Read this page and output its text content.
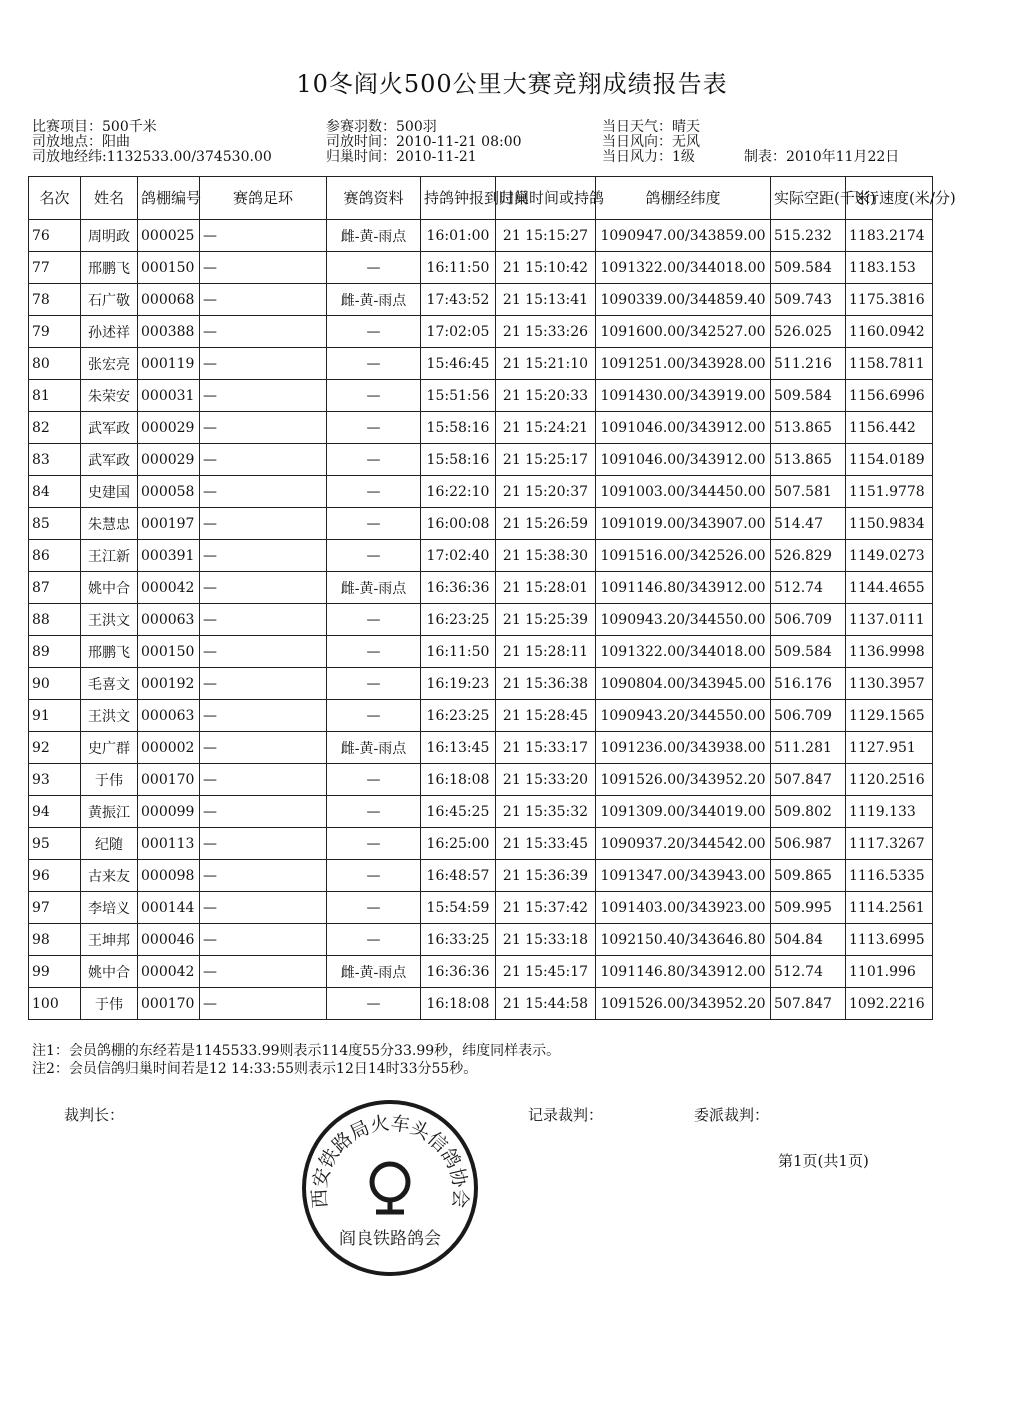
10冬阎火500公里大赛竞翔成绩报告表
比赛项目：500千米
司放地点：阳曲
司放地经纬:1132533.00/374530.00
参赛羽数：500羽
司放时间：2010-11-21 08:00
归巢时间：2010-11-21
当日天气：晴天
当日风向：无风
当日风力：1级	制表：2010年11月22日
名次	姓名	鸽棚编号	赛鸽足环	赛鸽资料	持鸽钟报到时间	归巢时间或持鸽	鸽棚经纬度	实际空距(千米)	飞行速度(米/分)
76	周明政	000025	—	雌-黄-雨点	16:01:00	21 15:15:27	1090947.00/343859.00	515.232	1183.2174
77	邢鹏飞	000150	—	—	16:11:50	21 15:10:42	1091322.00/344018.00	509.584	1183.153
78	石广敬	000068	—	雌-黄-雨点	17:43:52	21 15:13:41	1090339.00/344859.40	509.743	1175.3816
79	孙述祥	000388	—	—	17:02:05	21 15:33:26	1091600.00/342527.00	526.025	1160.0942
80	张宏亮	000119	—	—	15:46:45	21 15:21:10	1091251.00/343928.00	511.216	1158.7811
81	朱荣安	000031	—	—	15:51:56	21 15:20:33	1091430.00/343919.00	509.584	1156.6996
82	武军政	000029	—	—	15:58:16	21 15:24:21	1091046.00/343912.00	513.865	1156.442
83	武军政	000029	—	—	15:58:16	21 15:25:17	1091046.00/343912.00	513.865	1154.0189
84	史建国	000058	—	—	16:22:10	21 15:20:37	1091003.00/344450.00	507.581	1151.9778
85	朱慧忠	000197	—	—	16:00:08	21 15:26:59	1091019.00/343907.00	514.47	1150.9834
86	王江新	000391	—	—	17:02:40	21 15:38:30	1091516.00/342526.00	526.829	1149.0273
87	姚中合	000042	—	雌-黄-雨点	16:36:36	21 15:28:01	1091146.80/343912.00	512.74	1144.4655
88	王洪文	000063	—	—	16:23:25	21 15:25:39	1090943.20/344550.00	506.709	1137.0111
89	邢鹏飞	000150	—	—	16:11:50	21 15:28:11	1091322.00/344018.00	509.584	1136.9998
90	毛喜文	000192	—	—	16:19:23	21 15:36:38	1090804.00/343945.00	516.176	1130.3957
91	王洪文	000063	—	—	16:23:25	21 15:28:45	1090943.20/344550.00	506.709	1129.1565
92	史广群	000002	—	雌-黄-雨点	16:13:45	21 15:33:17	1091236.00/343938.00	511.281	1127.951
93	于伟	000170	—	—	16:18:08	21 15:33:20	1091526.00/343952.20	507.847	1120.2516
94	黄振江	000099	—	—	16:45:25	21 15:35:32	1091309.00/344019.00	509.802	1119.133
95	纪随	000113	—	—	16:25:00	21 15:33:45	1090937.20/344542.00	506.987	1117.3267
96	古来友	000098	—	—	16:48:57	21 15:36:39	1091347.00/343943.00	509.865	1116.5335
97	李培义	000144	—	—	15:54:59	21 15:37:42	1091403.00/343923.00	509.995	1114.2561
98	王坤邦	000046	—	—	16:33:25	21 15:33:18	1092150.40/343646.80	504.84	1113.6995
99	姚中合	000042	—	雌-黄-雨点	16:36:36	21 15:45:17	1091146.80/343912.00	512.74	1101.996
100	于伟	000170	—	—	16:18:08	21 15:44:58	1091526.00/343952.20	507.847	1092.2216
注1：会员鸽棚的东经若是1145533.99则表示114度55分33.99秒，纬度同样表示。
注2：会员信鸽归巢时间若是12 14:33:55则表示12日14时33分55秒。
裁判长：	记录裁判：	委派裁判：
第1页(共1页)
西安铁路局火车头信鸽协会
阎良铁路鸽会
